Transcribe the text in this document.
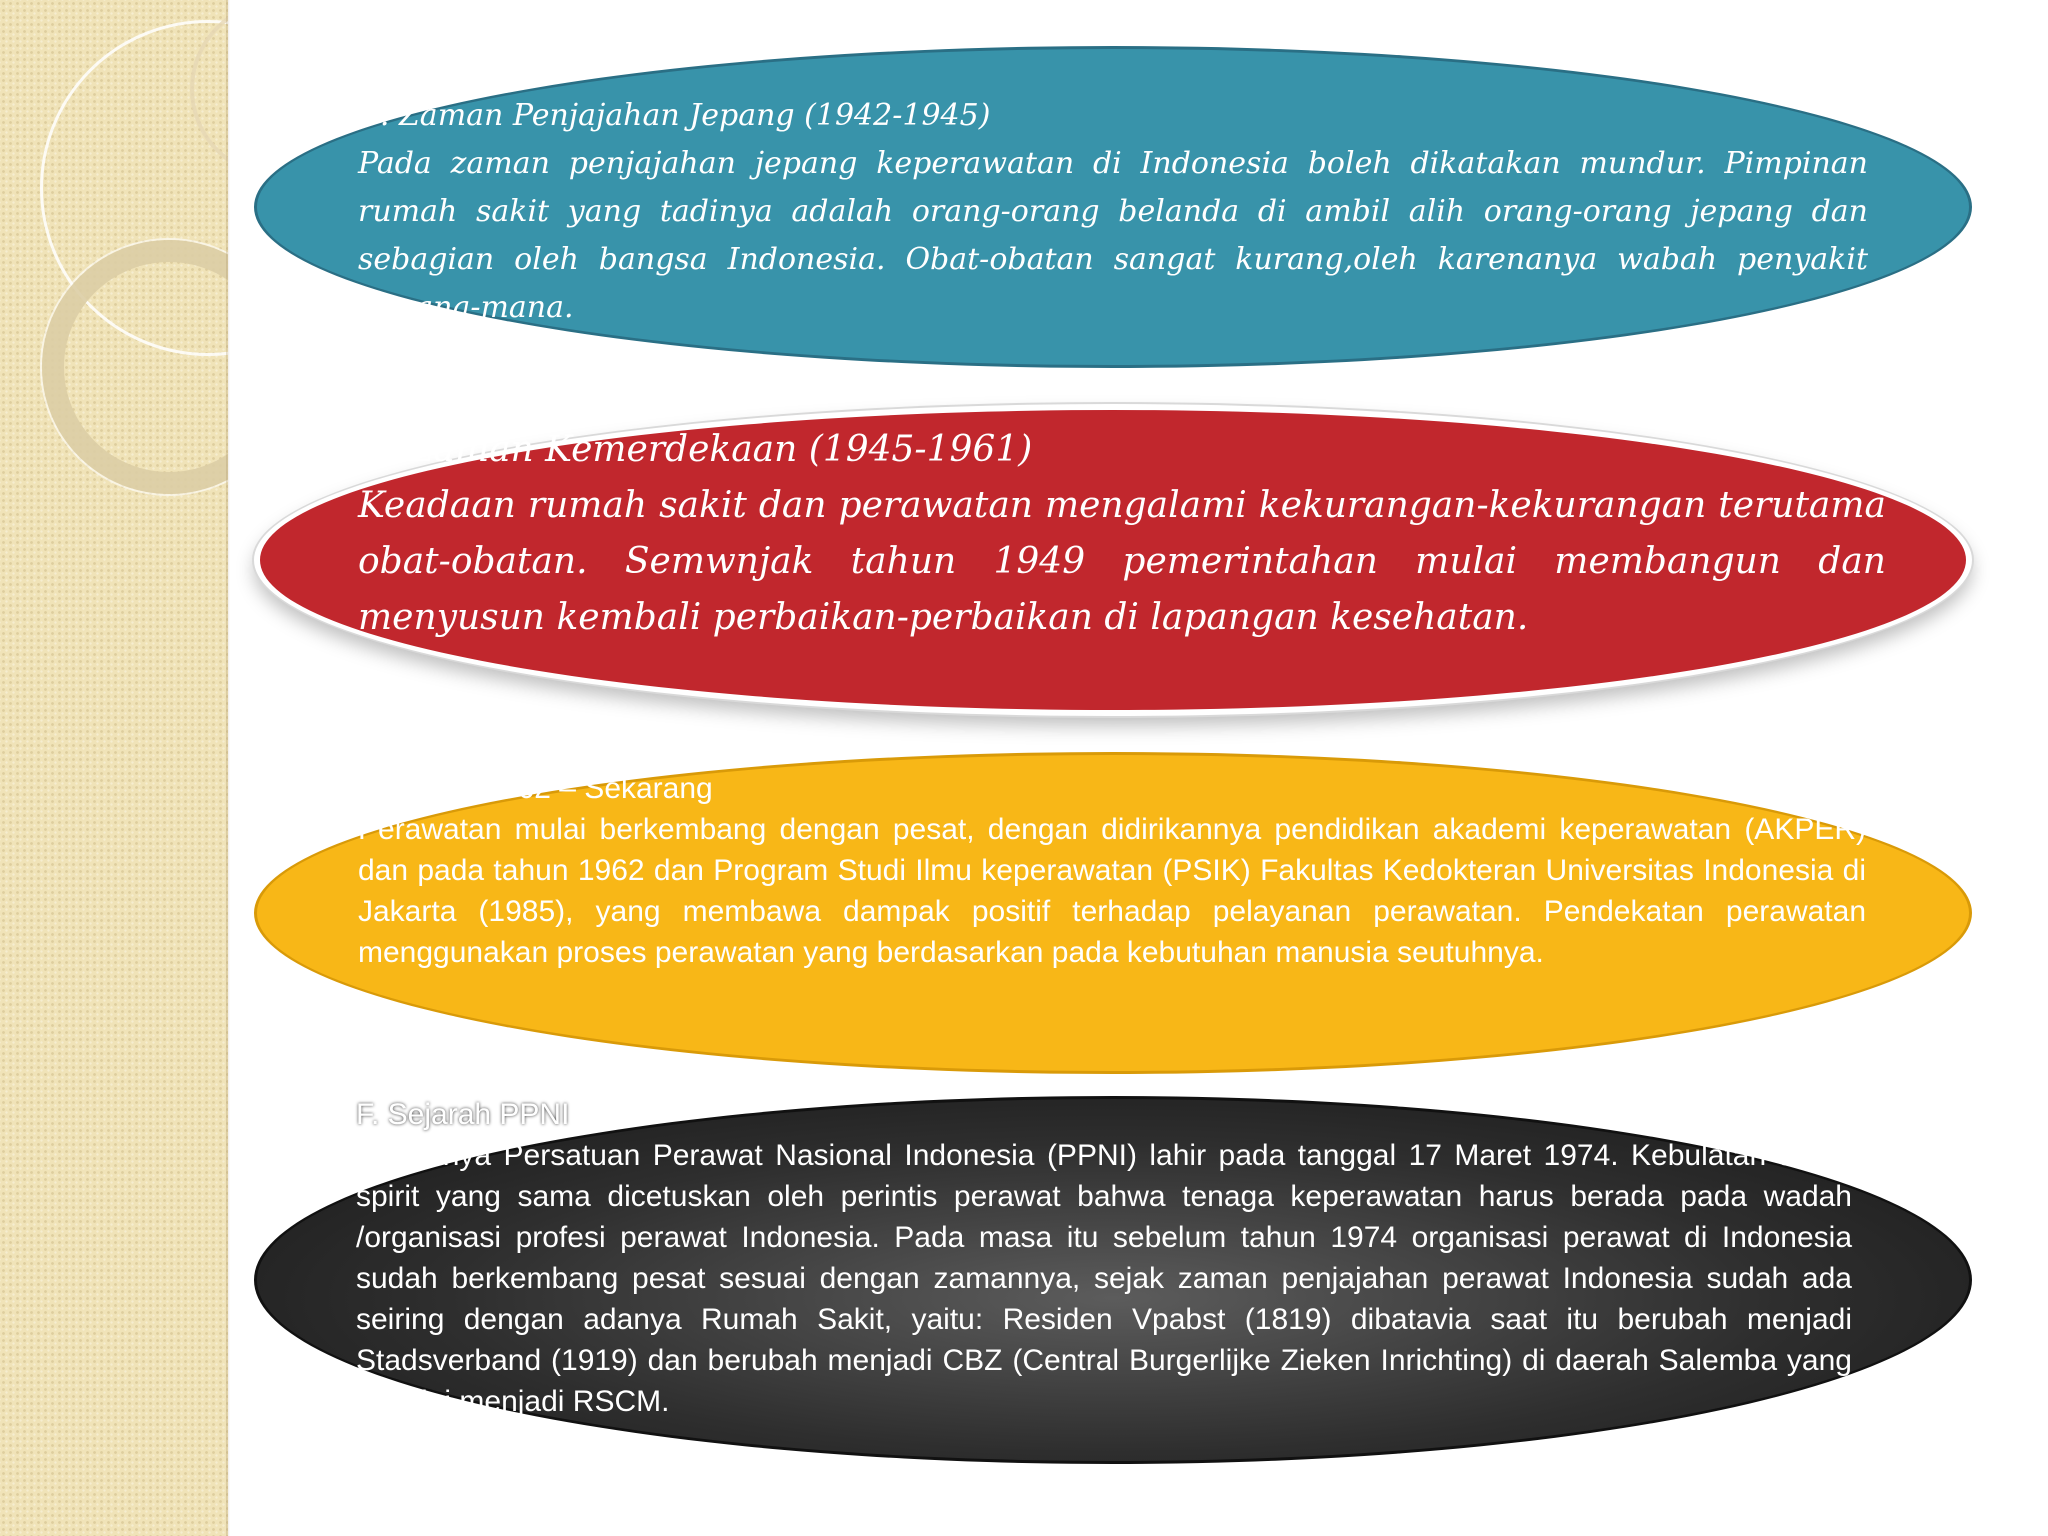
C. Zaman Penjajahan Jepang (1942-1945)
Pada zaman penjajahan jepang keperawatan di Indonesia boleh dikatakan mundur. Pimpinan rumah sakit yang tadinya adalah orang-orang belanda di ambil alih orang-orang jepang dan sebagian oleh bangsa Indonesia. Obat-obatan sangat kurang,oleh karenanya wabah penyakit dimana-mana.
D. Zaman Kemerdekaan (1945-1961)
Keadaan rumah sakit dan perawatan mengalami kekurangan-kekurangan terutama obat-obatan. Semwnjak tahun 1949 pemerintahan mulai membangun dan menyusun kembali perbaikan-perbaikan di lapangan kesehatan.
E. Tahun 1962 – Sekarang
Perawatan mulai berkembang dengan pesat, dengan didirikannya pendidikan akademi keperawatan (AKPER) dan pada tahun 1962 dan Program Studi Ilmu keperawatan (PSIK) Fakultas Kedokteran Universitas Indonesia di Jakarta (1985), yang membawa dampak positif terhadap pelayanan perawatan. Pendekatan perawatan menggunakan proses perawatan yang berdasarkan pada kebutuhan manusia seutuhnya.
F. Sejarah PPNI
Berdirinya Persatuan Perawat Nasional Indonesia (PPNI) lahir pada tanggal 17 Maret 1974. Kebulatan tekad spirit yang sama dicetuskan oleh perintis perawat bahwa tenaga keperawatan harus berada pada wadah /organisasi profesi perawat Indonesia. Pada masa itu sebelum tahun 1974 organisasi perawat di Indonesia sudah berkembang pesat sesuai dengan zamannya, sejak zaman penjajahan perawat Indonesia sudah ada seiring dengan adanya Rumah Sakit, yaitu: Residen Vpabst (1819) dibatavia saat itu berubah menjadi Stadsverband (1919) dan berubah menjadi CBZ (Central Burgerlijke Zieken Inrichting) di daerah Salemba yang saat ini menjadi RSCM.
